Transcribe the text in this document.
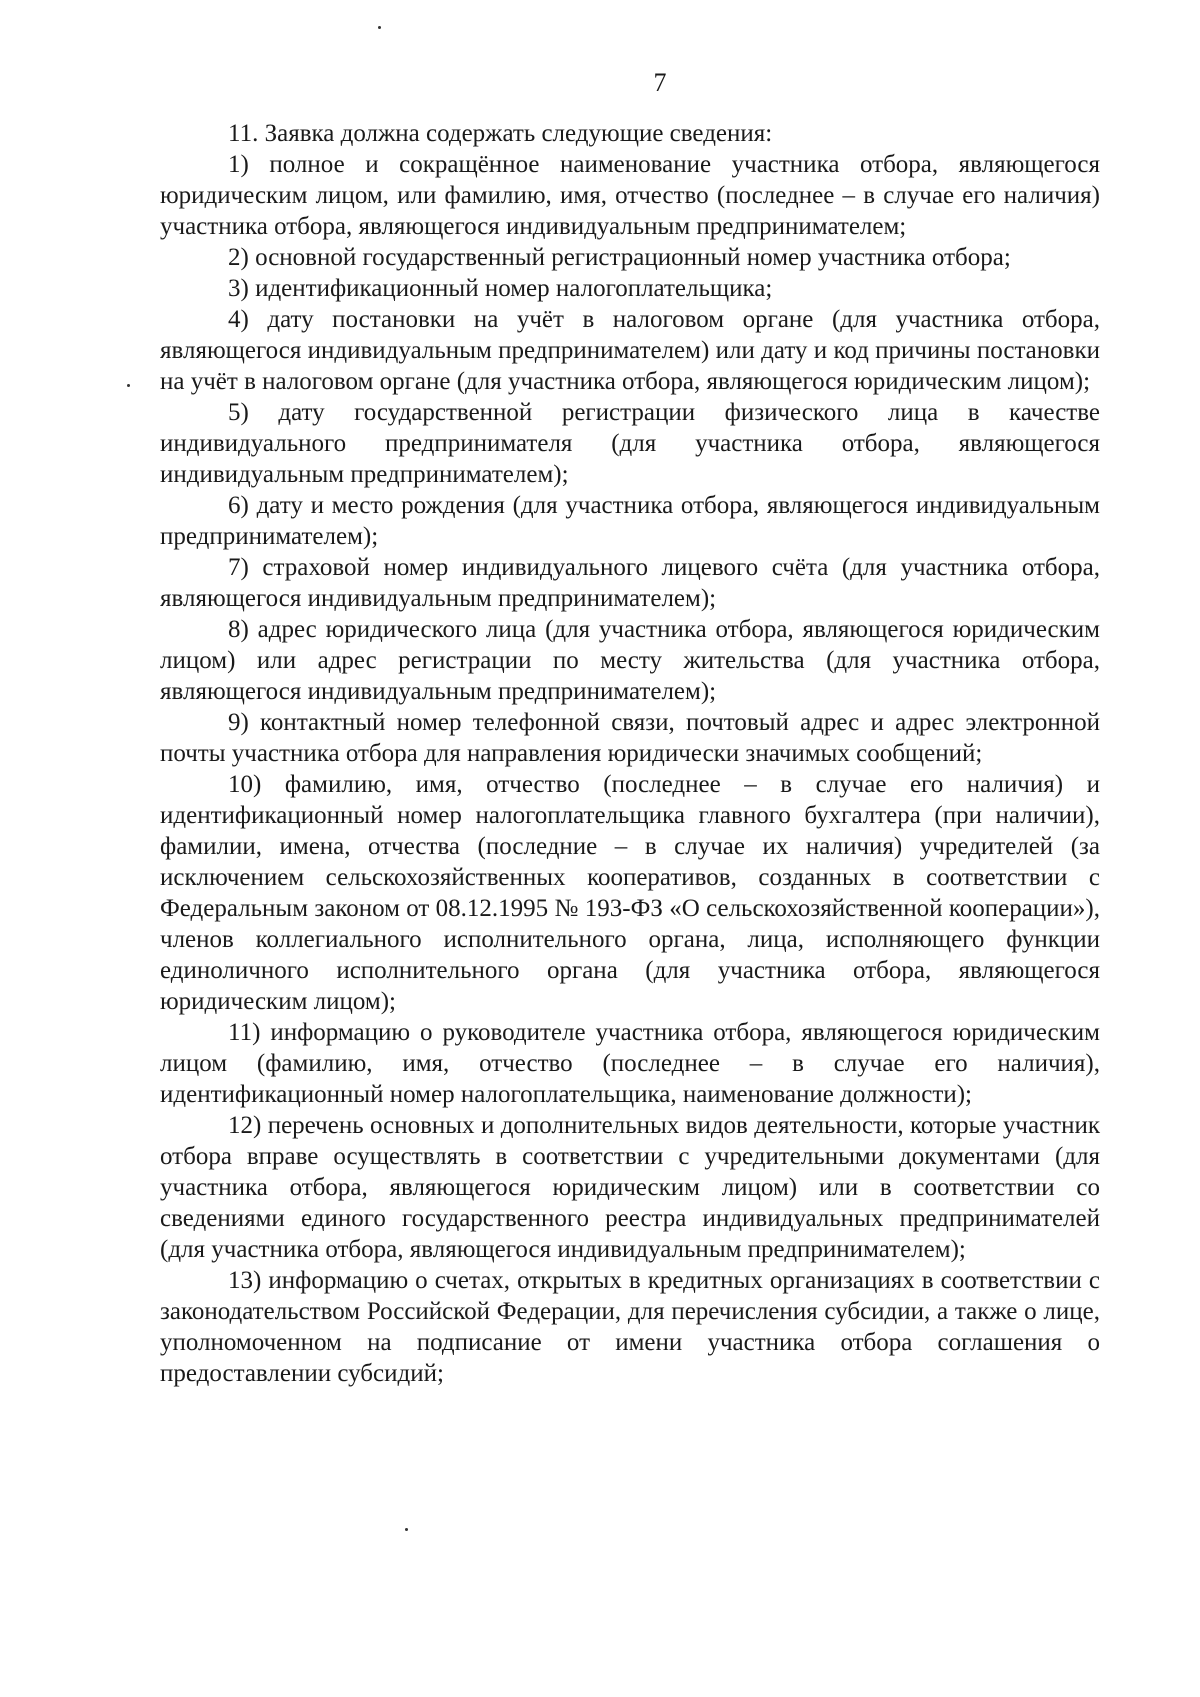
7

11. Заявка должна содержать следующие сведения:

1) полное и сокращённое наименование участника отбора, являющегося юридическим лицом, или фамилию, имя, отчество (последнее – в случае его наличия) участника отбора, являющегося индивидуальным предпринимателем;

2) основной государственный регистрационный номер участника отбора;

3) идентификационный номер налогоплательщика;

4) дату постановки на учёт в налоговом органе (для участника отбора, являющегося индивидуальным предпринимателем) или дату и код причины постановки на учёт в налоговом органе (для участника отбора, являющегося юридическим лицом);

5) дату государственной регистрации физического лица в качестве индивидуального предпринимателя (для участника отбора, являющегося индивидуальным предпринимателем);

6) дату и место рождения (для участника отбора, являющегося индивидуальным предпринимателем);

7) страховой номер индивидуального лицевого счёта (для участника отбора, являющегося индивидуальным предпринимателем);

8) адрес юридического лица (для участника отбора, являющегося юридическим лицом) или адрес регистрации по месту жительства (для участника отбора, являющегося индивидуальным предпринимателем);

9) контактный номер телефонной связи, почтовый адрес и адрес электронной почты участника отбора для направления юридически значимых сообщений;

10) фамилию, имя, отчество (последнее – в случае его наличия) и идентификационный номер налогоплательщика главного бухгалтера (при наличии), фамилии, имена, отчества (последние – в случае их наличия) учредителей (за исключением сельскохозяйственных кооперативов, созданных в соответствии с Федеральным законом от 08.12.1995 № 193-ФЗ «О сельскохозяйственной кооперации»), членов коллегиального исполнительного органа, лица, исполняющего функции единоличного исполнительного органа (для участника отбора, являющегося юридическим лицом);

11) информацию о руководителе участника отбора, являющегося юридическим лицом (фамилию, имя, отчество (последнее – в случае его наличия), идентификационный номер налогоплательщика, наименование должности);

12) перечень основных и дополнительных видов деятельности, которые участник отбора вправе осуществлять в соответствии с учредительными документами (для участника отбора, являющегося юридическим лицом) или в соответствии со сведениями единого государственного реестра индивидуальных предпринимателей (для участника отбора, являющегося индивидуальным предпринимателем);

13) информацию о счетах, открытых в кредитных организациях в соответствии с законодательством Российской Федерации, для перечисления субсидии, а также о лице, уполномоченном на подписание от имени участника отбора соглашения о предоставлении субсидий;
